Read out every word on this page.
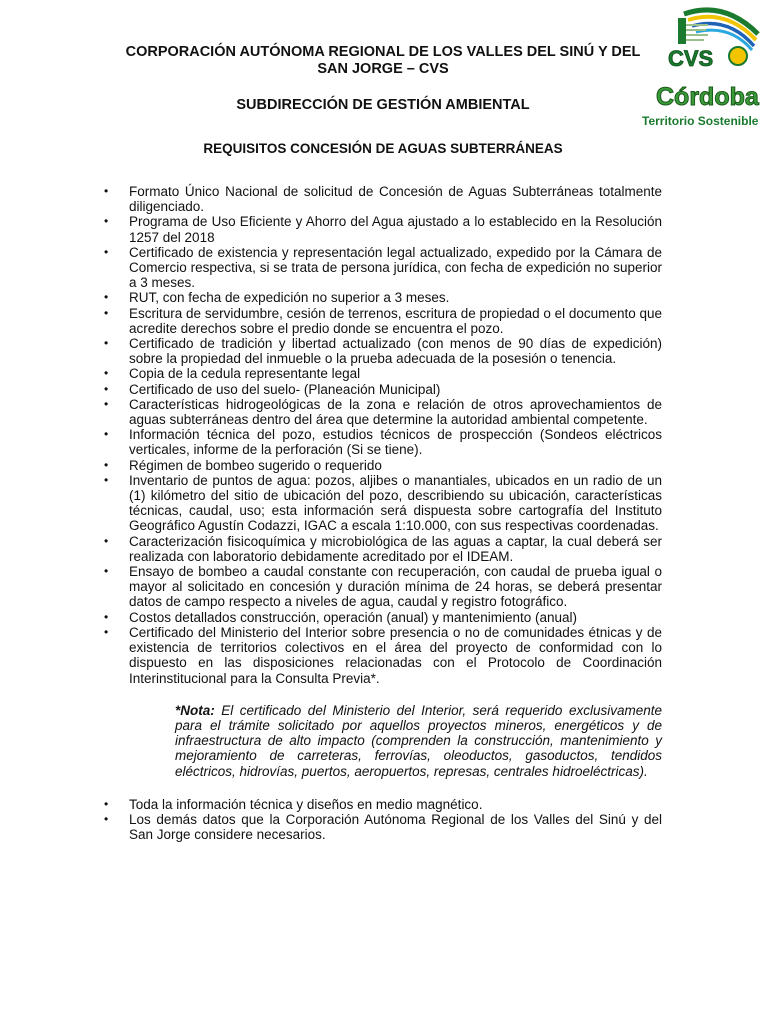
CORPORACIÓN AUTÓNOMA REGIONAL DE LOS VALLES DEL SINÚ Y DEL
SAN JORGE – CVS

SUBDIRECCIÓN DE GESTIÓN AMBIENTAL

REQUISITOS CONCESIÓN DE AGUAS SUBTERRÁNEAS

CVS
Córdoba
Territorio Sostenible
•	Formato Único Nacional de solicitud de Concesión de Aguas Subterráneas totalmente diligenciado.
•	Programa de Uso Eficiente y Ahorro del Agua ajustado a lo establecido en la Resolución 1257 del 2018
•	Certificado de existencia y representación legal actualizado, expedido por la Cámara de Comercio respectiva, si se trata de persona jurídica, con fecha de expedición no superior a 3 meses.
•	RUT, con fecha de expedición no superior a 3 meses.
•	Escritura de servidumbre, cesión de terrenos, escritura de propiedad o el documento que acredite derechos sobre el predio donde se encuentra el pozo.
•	Certificado de tradición y libertad actualizado (con menos de 90 días de expedición) sobre la propiedad del inmueble o la prueba adecuada de la posesión o tenencia.
•	Copia de la cedula representante legal
•	Certificado de uso del suelo- (Planeación Municipal)
•	Características hidrogeológicas de la zona e relación de otros aprovechamientos de aguas subterráneas dentro del área que determine la autoridad ambiental competente.
•	Información técnica del pozo, estudios técnicos de prospección (Sondeos eléctricos verticales, informe de la perforación (Si se tiene).
•	Régimen de bombeo sugerido o requerido
•	Inventario de puntos de agua: pozos, aljibes o manantiales, ubicados en un radio de un (1) kilómetro del sitio de ubicación del pozo, describiendo su ubicación, características técnicas, caudal, uso; esta información será dispuesta sobre cartografía del Instituto Geográfico Agustín Codazzi, IGAC a escala 1:10.000, con sus respectivas coordenadas.
•	Caracterización fisicoquímica y microbiológica de las aguas a captar, la cual deberá ser realizada con laboratorio debidamente acreditado por el IDEAM.
•	Ensayo de bombeo a caudal constante con recuperación, con caudal de prueba igual o mayor al solicitado en concesión y duración mínima de 24 horas, se deberá presentar datos de campo respecto a niveles de agua, caudal y registro fotográfico.
•	Costos detallados construcción, operación (anual) y mantenimiento (anual)
•	Certificado del Ministerio del Interior sobre presencia o no de comunidades étnicas y de existencia de territorios colectivos en el área del proyecto de conformidad con lo dispuesto en las disposiciones relacionadas con el Protocolo de Coordinación Interinstitucional para la Consulta Previa*.

*Nota: El certificado del Ministerio del Interior, será requerido exclusivamente para el trámite solicitado por aquellos proyectos mineros, energéticos y de infraestructura de alto impacto (comprenden la construcción, mantenimiento y mejoramiento de carreteras, ferrovías, oleoductos, gasoductos, tendidos eléctricos, hidrovías, puertos, aeropuertos, represas, centrales hidroeléctricas).

•	Toda la información técnica y diseños en medio magnético.
•	Los demás datos que la Corporación Autónoma Regional de los Valles del Sinú y del San Jorge considere necesarios.
